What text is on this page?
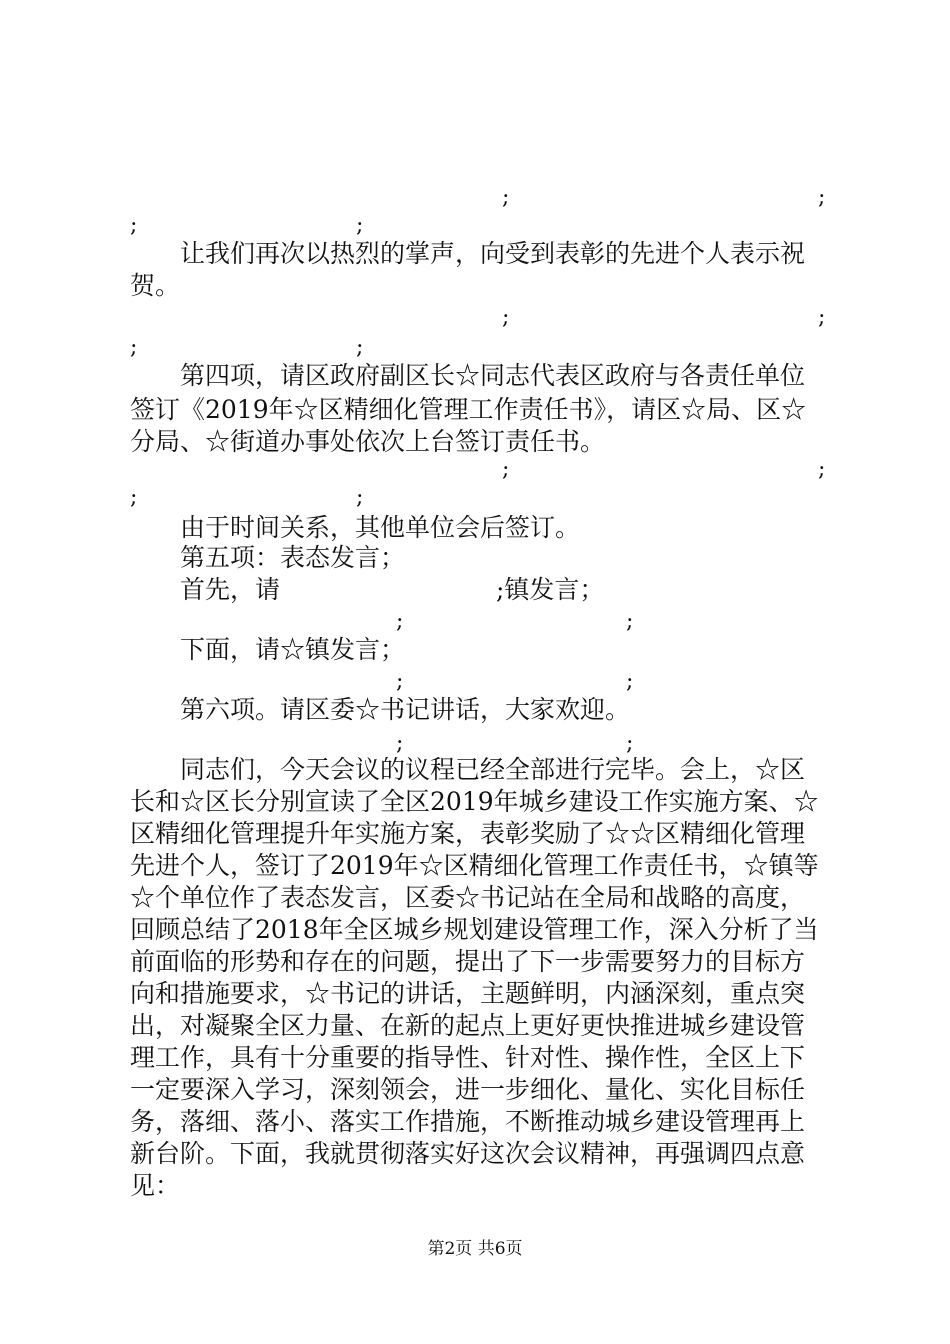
;	;
;	;
让我们再次以热烈的掌声，向受到表彰的先进个人表示祝
贺。
;	;
;	;
第四项，请区政府副区长☆同志代表区政府与各责任单位
签订《2019年☆区精细化管理工作责任书》，请区☆局、区☆
分局、☆街道办事处依次上台签订责任书。
;	;
;	;
由于时间关系，其他单位会后签订。
第五项：表态发言；
首先，请	;镇发言；
;	;
下面，请☆镇发言；
;	;
第六项。请区委☆书记讲话，大家欢迎。
;	;
同志们，今天会议的议程已经全部进行完毕。会上，☆区
长和☆区长分别宣读了全区2019年城乡建设工作实施方案、☆
区精细化管理提升年实施方案，表彰奖励了☆☆区精细化管理
先进个人，签订了2019年☆区精细化管理工作责任书，☆镇等
☆个单位作了表态发言，区委☆书记站在全局和战略的高度，
回顾总结了2018年全区城乡规划建设管理工作，深入分析了当
前面临的形势和存在的问题，提出了下一步需要努力的目标方
向和措施要求，☆书记的讲话，主题鲜明，内涵深刻，重点突
出，对凝聚全区力量、在新的起点上更好更快推进城乡建设管
理工作，具有十分重要的指导性、针对性、操作性，全区上下
一定要深入学习，深刻领会，进一步细化、量化、实化目标任
务，落细、落小、落实工作措施，不断推动城乡建设管理再上
新台阶。下面，我就贯彻落实好这次会议精神，再强调四点意
见：
第2页 共6页
